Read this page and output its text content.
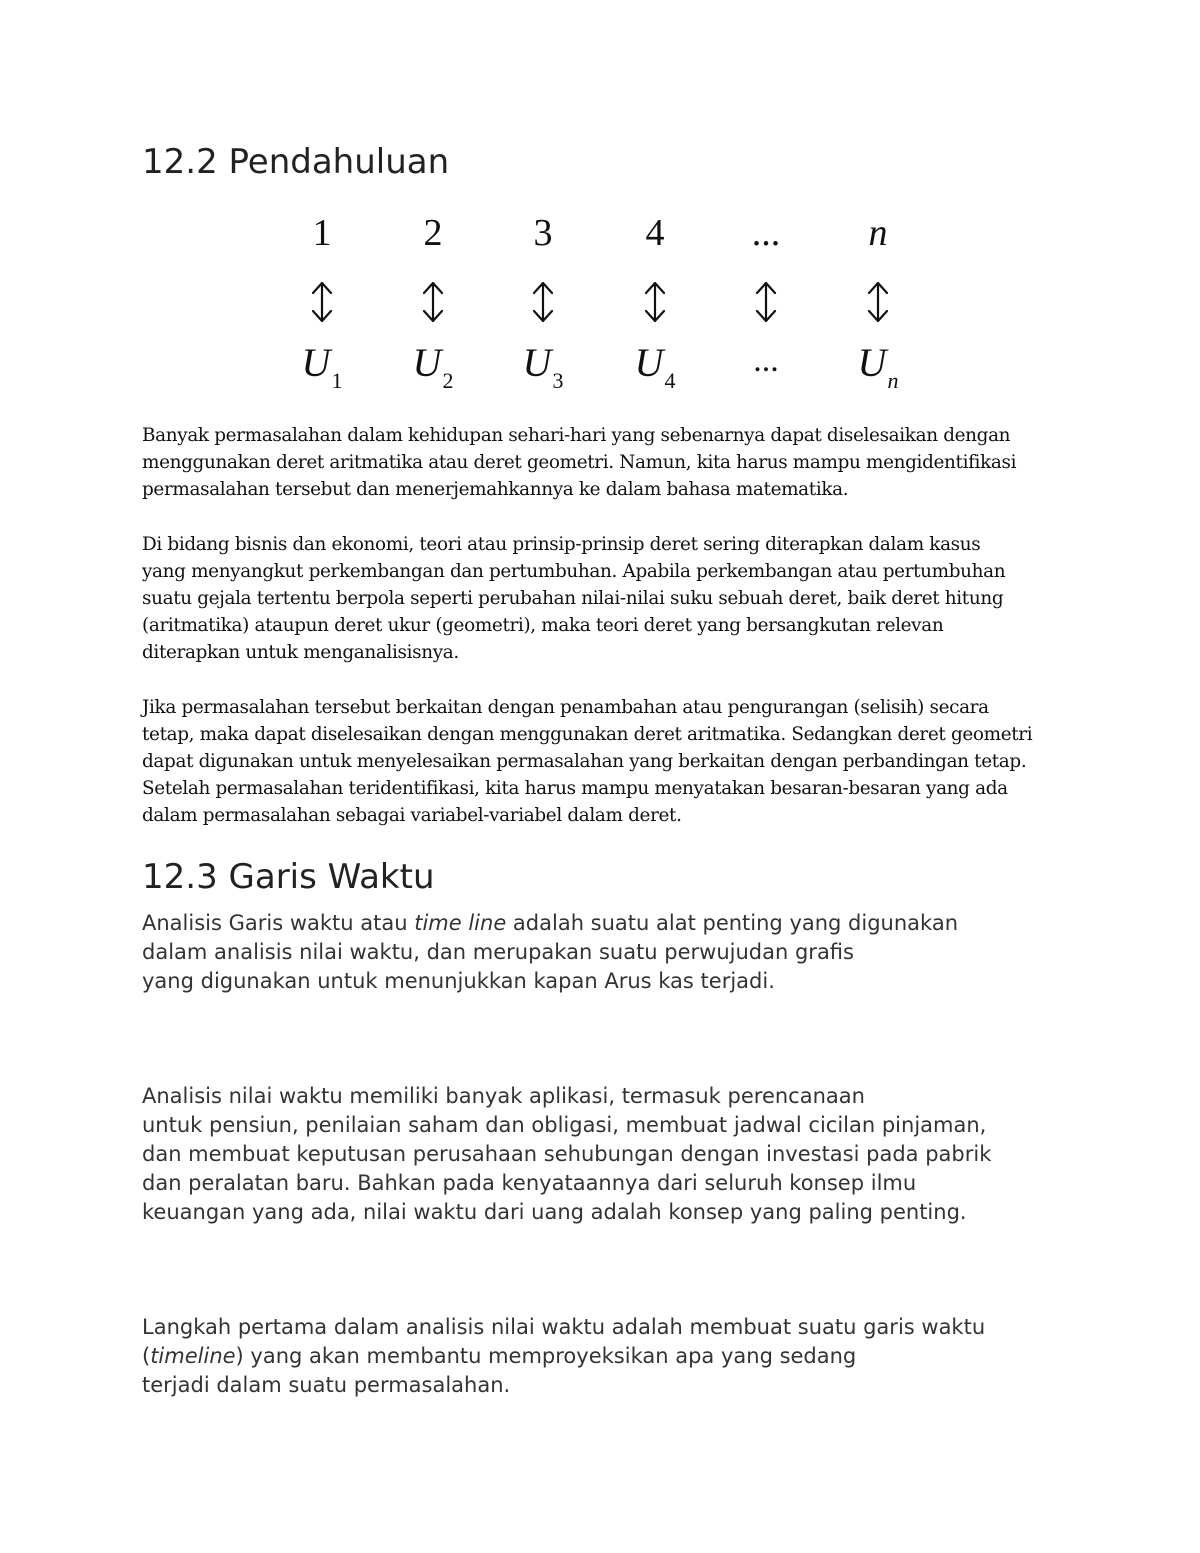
12.2 Pendahuluan
1
$U_1$
2
$U_2$
3
$U_3$
4
$U_4$
...
...
n
$U_n$
Banyak permasalahan dalam kehidupan sehari-hari yang sebenarnya dapat diselesaikan dengan
menggunakan deret aritmatika atau deret geometri. Namun, kita harus mampu mengidentifikasi
permasalahan tersebut dan menerjemahkannya ke dalam bahasa matematika.
Di bidang bisnis dan ekonomi, teori atau prinsip-prinsip deret sering diterapkan dalam kasus
yang menyangkut perkembangan dan pertumbuhan. Apabila perkembangan atau pertumbuhan
suatu gejala tertentu berpola seperti perubahan nilai-nilai suku sebuah deret, baik deret hitung
(aritmatika) ataupun deret ukur (geometri), maka teori deret yang bersangkutan relevan
diterapkan untuk menganalisisnya.
Jika permasalahan tersebut berkaitan dengan penambahan atau pengurangan (selisih) secara
tetap, maka dapat diselesaikan dengan menggunakan deret aritmatika. Sedangkan deret geometri
dapat digunakan untuk menyelesaikan permasalahan yang berkaitan dengan perbandingan tetap.
Setelah permasalahan teridentifikasi, kita harus mampu menyatakan besaran-besaran yang ada
dalam permasalahan sebagai variabel-variabel dalam deret.
12.3 Garis Waktu
Analisis Garis waktu atau time line adalah suatu alat penting yang digunakan
dalam analisis nilai waktu, dan merupakan suatu perwujudan grafis
yang digunakan untuk menunjukkan kapan Arus kas terjadi.
Analisis nilai waktu memiliki banyak aplikasi, termasuk perencanaan
untuk pensiun, penilaian saham dan obligasi, membuat jadwal cicilan pinjaman,
dan membuat keputusan perusahaan sehubungan dengan investasi pada pabrik
dan peralatan baru. Bahkan pada kenyataannya dari seluruh konsep ilmu
keuangan yang ada, nilai waktu dari uang adalah konsep yang paling penting.
Langkah pertama dalam analisis nilai waktu adalah membuat suatu garis waktu
(timeline) yang akan membantu memproyeksikan apa yang sedang
terjadi dalam suatu permasalahan.
